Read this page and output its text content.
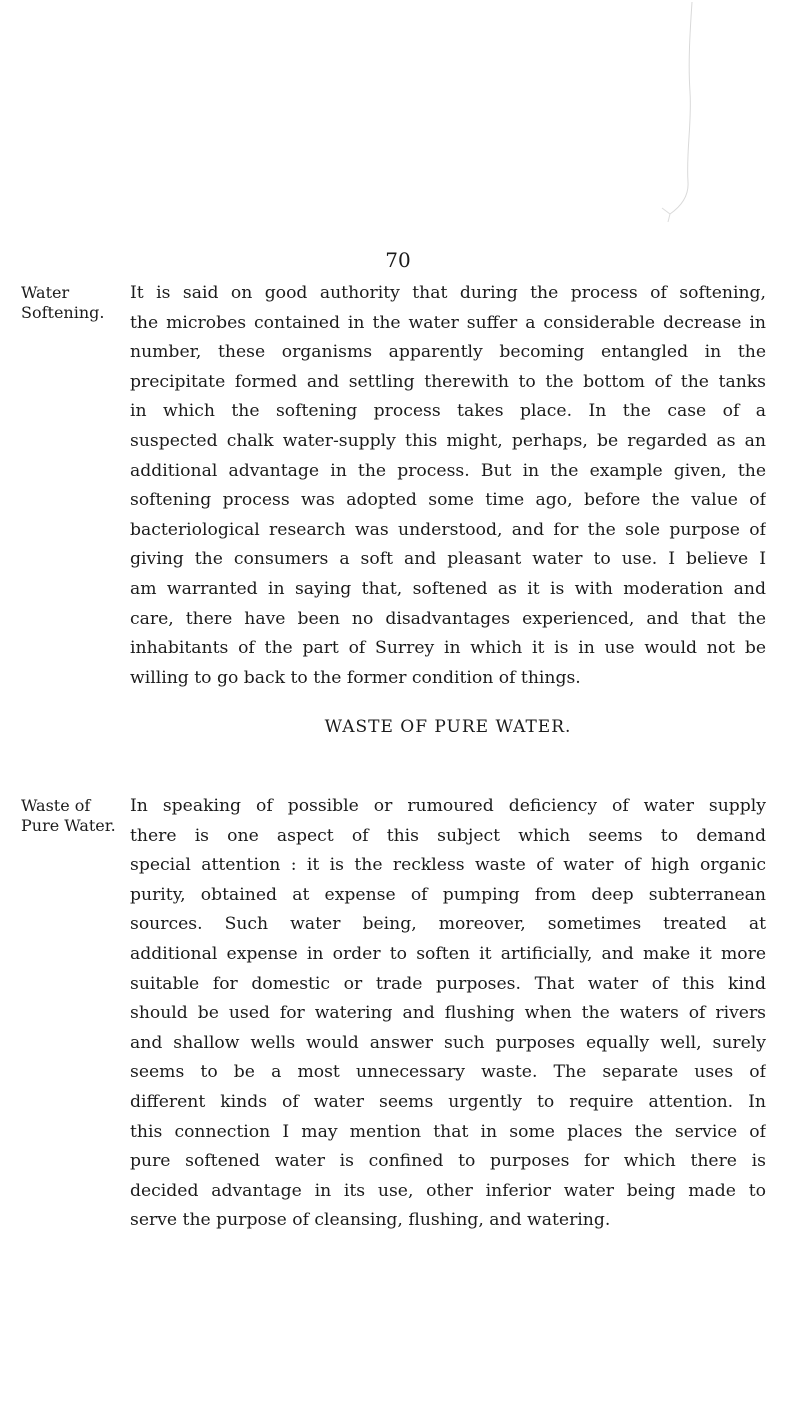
70
Water
Softening.
It is said on good authority that during the process of softening,
the microbes contained in the water suffer a considerable decrease in
number, these organisms apparently becoming entangled in the
precipitate formed and settling therewith to the bottom of the tanks
in which the softening process takes place. In the case of a
suspected chalk water-supply this might, perhaps, be regarded as an
additional advantage in the process. But in the example given, the
softening process was adopted some time ago, before the value of
bacteriological research was understood, and for the sole purpose of
giving the consumers a soft and pleasant water to use. I believe I
am warranted in saying that, softened as it is with moderation and
care, there have been no disadvantages experienced, and that the
inhabitants of the part of Surrey in which it is in use would not be
willing to go back to the former condition of things.
WASTE OF PURE WATER.
Waste of
Pure Water.
In speaking of possible or rumoured deficiency of water supply
there is one aspect of this subject which seems to demand
special attention : it is the reckless waste of water of high organic
purity, obtained at expense of pumping from deep subterranean
sources. Such water being, moreover, sometimes treated at
additional expense in order to soften it artificially, and make it more
suitable for domestic or trade purposes. That water of this kind
should be used for watering and flushing when the waters of rivers
and shallow wells would answer such purposes equally well, surely
seems to be a most unnecessary waste. The separate uses of
different kinds of water seems urgently to require attention. In
this connection I may mention that in some places the service of
pure softened water is confined to purposes for which there is
decided advantage in its use, other inferior water being made to
serve the purpose of cleansing, flushing, and watering.
